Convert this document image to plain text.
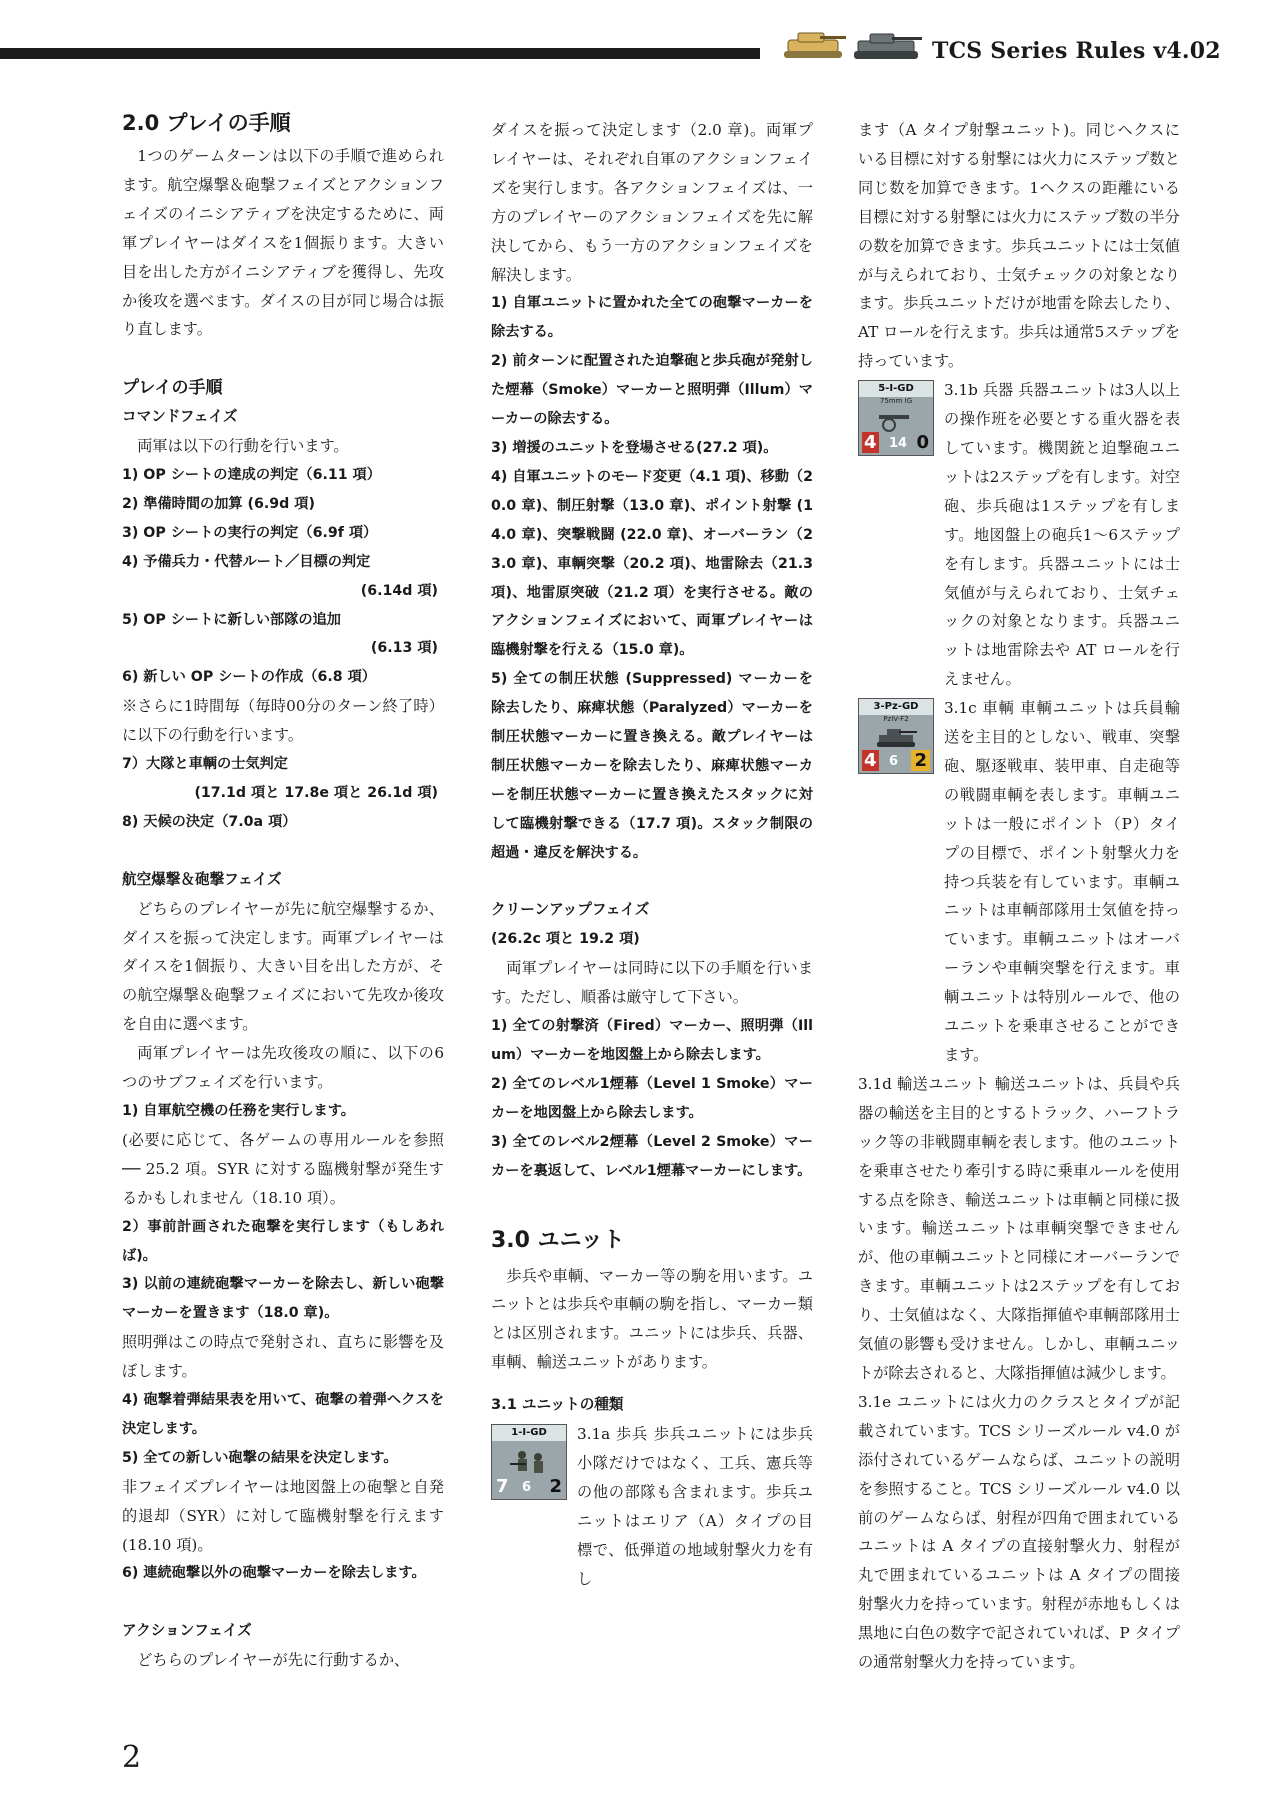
TCS Series Rules v4.02
2.0 プレイの手順

1つのゲームターンは以下の手順で進められます。航空爆撃＆砲撃フェイズとアクションフェイズのイニシアティブを決定するために、両軍プレイヤーはダイスを1個振ります。大きい目を出した方がイニシアティブを獲得し、先攻か後攻を選べます。ダイスの目が同じ場合は振り直します。

プレイの手順
コマンドフェイズ

両軍は以下の行動を行います。

1) OP シートの達成の判定（6.11 項）

2) 準備時間の加算 (6.9d 項)

3) OP シートの実行の判定（6.9f 項）

4) 予備兵力・代替ルート／目標の判定

(6.14d 項)

5) OP シートに新しい部隊の追加

(6.13 項)

6) 新しい OP シートの作成（6.8 項）

※さらに1時間毎（毎時00分のターン終了時）に以下の行動を行います。

7）大隊と車輌の士気判定

(17.1d 項と 17.8e 項と 26.1d 項)

8) 天候の決定（7.0a 項）

航空爆撃＆砲撃フェイズ

どちらのプレイヤーが先に航空爆撃するか、ダイスを振って決定します。両軍プレイヤーはダイスを1個振り、大きい目を出した方が、その航空爆撃＆砲撃フェイズにおいて先攻か後攻を自由に選べます。

両軍プレイヤーは先攻後攻の順に、以下の6つのサブフェイズを行います。

1) 自軍航空機の任務を実行します。

(必要に応じて、各ゲームの専用ルールを参照 ── 25.2 項。SYR に対する臨機射撃が発生するかもしれません（18.10 項）。

2）事前計画された砲撃を実行します（もしあれば)。

3) 以前の連続砲撃マーカーを除去し、新しい砲撃マーカーを置きます（18.0 章)。

照明弾はこの時点で発射され、直ちに影響を及ぼします。

4) 砲撃着弾結果表を用いて、砲撃の着弾ヘクスを決定します。

5) 全ての新しい砲撃の結果を決定します。

非フェイズプレイヤーは地図盤上の砲撃と自発的退却（SYR）に対して臨機射撃を行えます (18.10 項)。

6) 連続砲撃以外の砲撃マーカーを除去します。

アクションフェイズ

どちらのプレイヤーが先に行動するか、

ダイスを振って決定します（2.0 章)。両軍プレイヤーは、それぞれ自軍のアクションフェイズを実行します。各アクションフェイズは、一方のプレイヤーのアクションフェイズを先に解決してから、もう一方のアクションフェイズを解決します。

1) 自軍ユニットに置かれた全ての砲撃マーカーを除去する。

2) 前ターンに配置された迫撃砲と歩兵砲が発射した煙幕（Smoke）マーカーと照明弾（Illum）マーカーの除去する。

3) 増援のユニットを登場させる(27.2 項)。

4) 自軍ユニットのモード変更（4.1 項)、移動（20.0 章)、制圧射撃（13.0 章)、ポイント射撃 (14.0 章)、突撃戦闘 (22.0 章)、オーバーラン（23.0 章)、車輌突撃（20.2 項)、地雷除去（21.3 項)、地雷原突破（21.2 項）を実行させる。敵のアクションフェイズにおいて、両軍プレイヤーは臨機射撃を行える（15.0 章)。

5) 全ての制圧状態 (Suppressed) マーカーを除去したり、麻痺状態（Paralyzed）マーカーを制圧状態マーカーに置き換える。敵プレイヤーは制圧状態マーカーを除去したり、麻痺状態マーカーを制圧状態マーカーに置き換えたスタックに対して臨機射撃できる（17.7 項)。スタック制限の超過・違反を解決する。

クリーンアップフェイズ

(26.2c 項と 19.2 項)

両軍プレイヤーは同時に以下の手順を行います。ただし、順番は厳守して下さい。

1) 全ての射撃済（Fired）マーカー、照明弾（Illum）マーカーを地図盤上から除去します。

2) 全てのレベル1煙幕（Level 1 Smoke）マーカーを地図盤上から除去します。

3) 全てのレベル2煙幕（Level 2 Smoke）マーカーを裏返して、レベル1煙幕マーカーにします。

3.0 ユニット

歩兵や車輌、マーカー等の駒を用います。ユニットとは歩兵や車輌の駒を指し、マーカー類とは区別されます。ユニットには歩兵、兵器、車輌、輸送ユニットがあります。

3.1 ユニットの種類
1-I-GD
7 6 2

3.1a 歩兵 歩兵ユニットには歩兵小隊だけではなく、工兵、憲兵等の他の部隊も含まれます。歩兵ユニットはエリア（A）タイプの目標で、低弾道の地域射撃火力を有し

ます（A タイプ射撃ユニット)。同じヘクスにいる目標に対する射撃には火力にステップ数と同じ数を加算できます。1ヘクスの距離にいる目標に対する射撃には火力にステップ数の半分の数を加算できます。歩兵ユニットには士気値が与えられており、士気チェックの対象となります。歩兵ユニットだけが地雷を除去したり、AT ロールを行えます。歩兵は通常5ステップを持っています。

5-I-GD
75mm IG
4 14 0

3.1b 兵器 兵器ユニットは3人以上の操作班を必要とする重火器を表しています。機関銃と迫撃砲ユニットは2ステップを有します。対空砲、歩兵砲は1ステップを有します。地図盤上の砲兵1～6ステップを有します。兵器ユニットには士気値が与えられており、士気チェックの対象となります。兵器ユニットは地雷除去や AT ロールを行えません。

3-Pz-GD
PzIV-F2
4 6 2

3.1c 車輌 車輌ユニットは兵員輸送を主目的としない、戦車、突撃砲、駆逐戦車、装甲車、自走砲等の戦闘車輌を表します。車輌ユニットは一般にポイント（P）タイプの目標で、ポイント射撃火力を持つ兵装を有しています。車輌ユニットは車輌部隊用士気値を持っています。車輌ユニットはオーバーランや車輌突撃を行えます。車輌ユニットは特別ルールで、他のユニットを乗車させることができます。

3.1d 輸送ユニット 輸送ユニットは、兵員や兵器の輸送を主目的とするトラック、ハーフトラック等の非戦闘車輌を表します。他のユニットを乗車させたり牽引する時に乗車ルールを使用する点を除き、輸送ユニットは車輌と同様に扱います。輸送ユニットは車輌突撃できませんが、他の車輌ユニットと同様にオーバーランできます。車輌ユニットは2ステップを有しており、士気値はなく、大隊指揮値や車輌部隊用士気値の影響も受けません。しかし、車輌ユニットが除去されると、大隊指揮値は減少します。

3.1e ユニットには火力のクラスとタイプが記載されています。TCS シリーズルール v4.0 が添付されているゲームならば、ユニットの説明を参照すること。TCS シリーズルール v4.0 以前のゲームならば、射程が四角で囲まれているユニットは A タイプの直接射撃火力、射程が丸で囲まれているユニットは A タイプの間接射撃火力を持っています。射程が赤地もしくは黒地に白色の数字で記されていれば、P タイプの通常射撃火力を持っています。

2
